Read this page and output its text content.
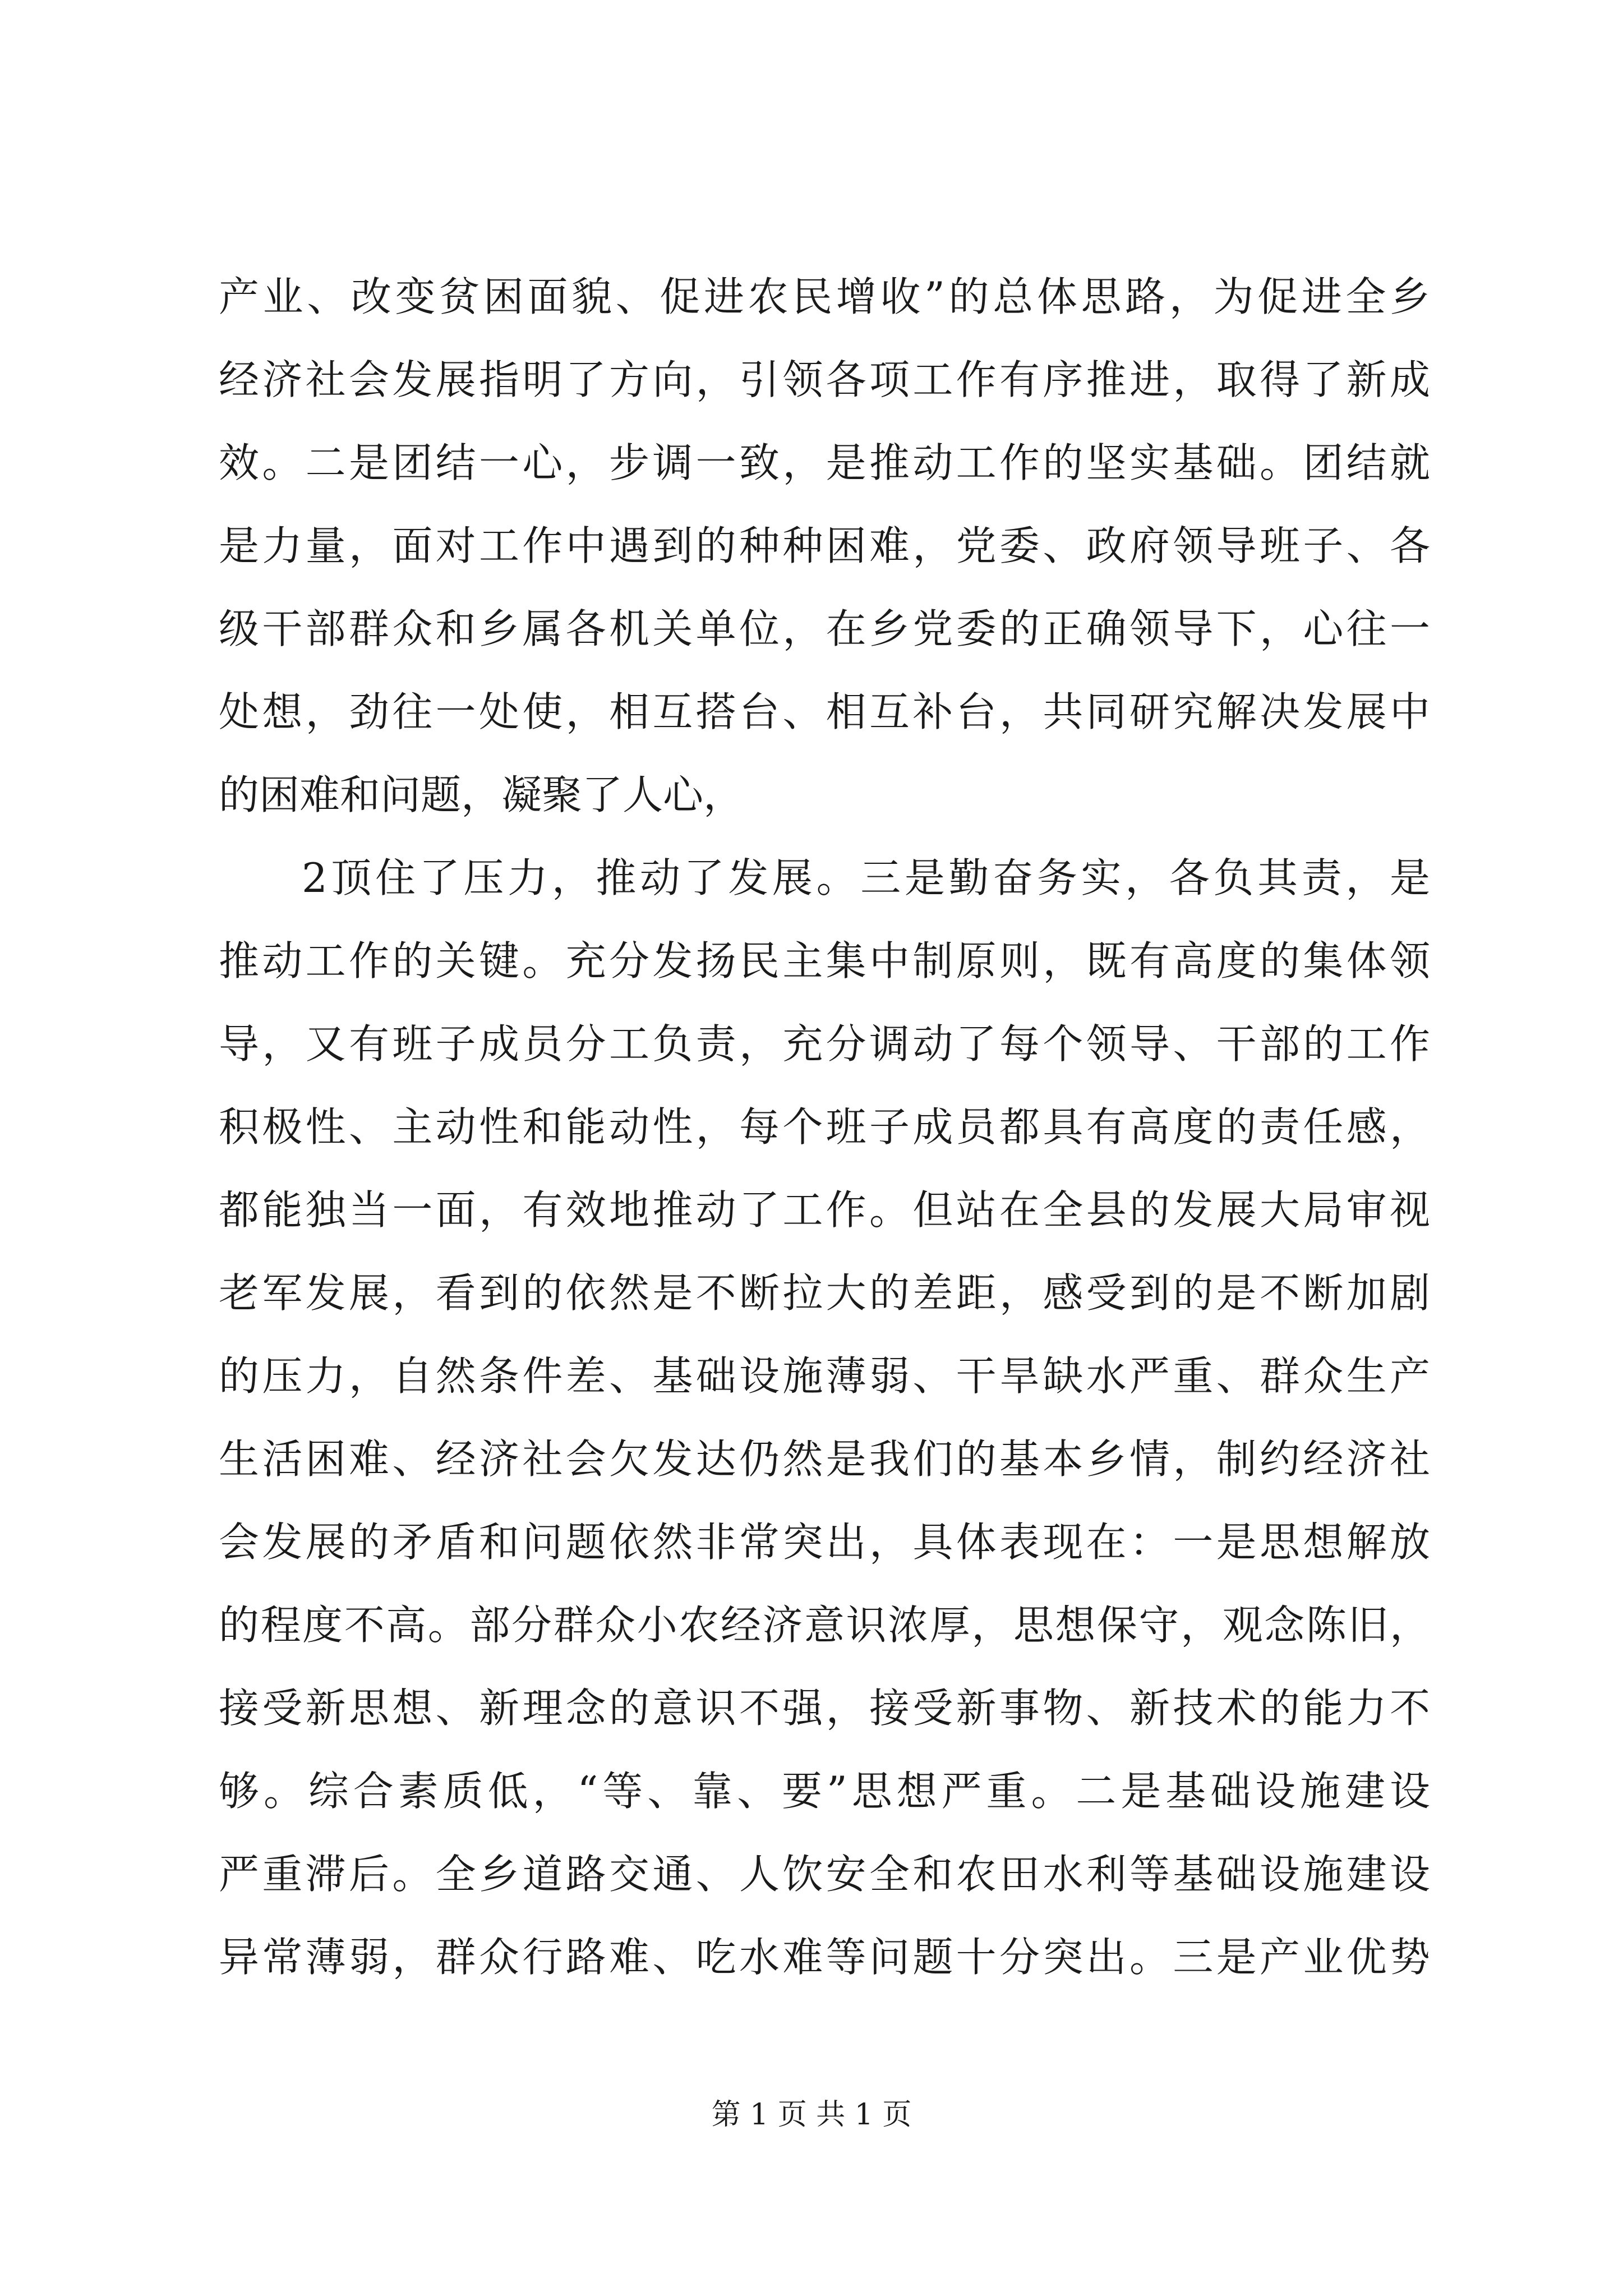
产业、改变贫困面貌、促进农民增收”的总体思路，为促进全乡
经济社会发展指明了方向，引领各项工作有序推进，取得了新成
效。二是团结一心，步调一致，是推动工作的坚实基础。团结就
是力量，面对工作中遇到的种种困难，党委、政府领导班子、各
级干部群众和乡属各机关单位，在乡党委的正确领导下，心往一
处想，劲往一处使，相互搭台、相互补台，共同研究解决发展中
的困难和问题，凝聚了人心，
2顶住了压力，推动了发展。三是勤奋务实，各负其责，是
推动工作的关键。充分发扬民主集中制原则，既有高度的集体领
导，又有班子成员分工负责，充分调动了每个领导、干部的工作
积极性、主动性和能动性，每个班子成员都具有高度的责任感，
都能独当一面，有效地推动了工作。但站在全县的发展大局审视
老军发展，看到的依然是不断拉大的差距，感受到的是不断加剧
的压力，自然条件差、基础设施薄弱、干旱缺水严重、群众生产
生活困难、经济社会欠发达仍然是我们的基本乡情，制约经济社
会发展的矛盾和问题依然非常突出，具体表现在：一是思想解放
的程度不高。部分群众小农经济意识浓厚，思想保守，观念陈旧，
接受新思想、新理念的意识不强，接受新事物、新技术的能力不
够。综合素质低，“等、靠、要”思想严重。二是基础设施建设
严重滞后。全乡道路交通、人饮安全和农田水利等基础设施建设
异常薄弱，群众行路难、吃水难等问题十分突出。三是产业优势
第 1 页 共 1 页
